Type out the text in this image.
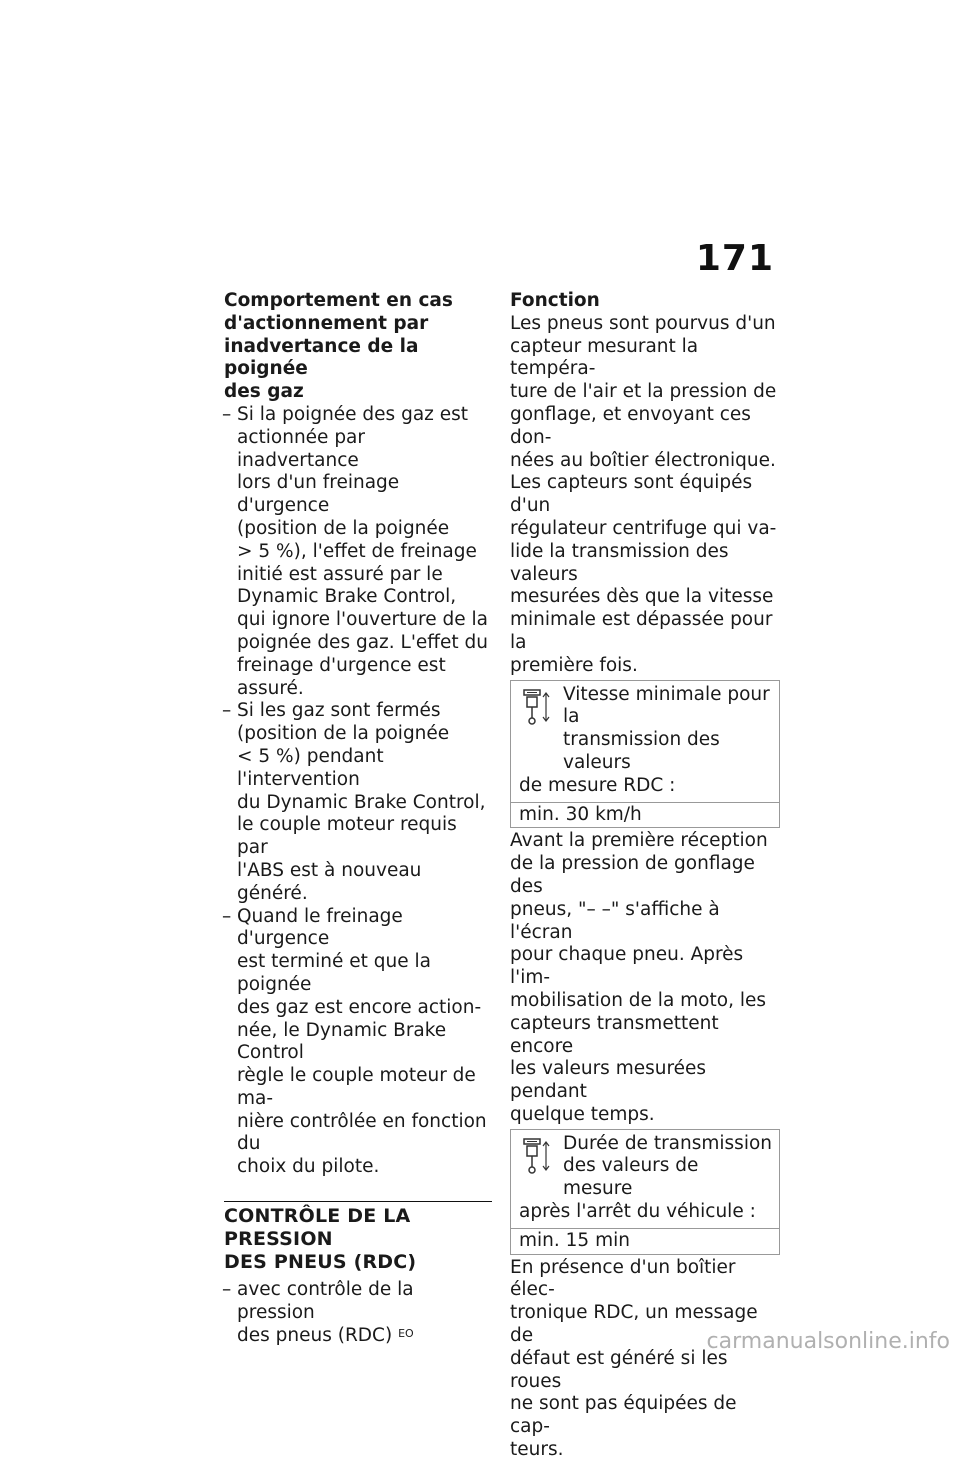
171
Comportement en cas
d'actionnement par
inadvertance de la poignée
des gaz
– Si la poignée des gaz est
actionnée par inadvertance
lors d'un freinage d'urgence
(position de la poignée
> 5 %), l'effet de freinage
initié est assuré par le
Dynamic Brake Control,
qui ignore l'ouverture de la
poignée des gaz. L'effet du
freinage d'urgence est assuré.
– Si les gaz sont fermés
(position de la poignée
< 5 %) pendant l'intervention
du Dynamic Brake Control,
le couple moteur requis par
l'ABS est à nouveau généré.
– Quand le freinage d'urgence
est terminé et que la poignée
des gaz est encore action-
née, le Dynamic Brake Control
règle le couple moteur de ma-
nière contrôlée en fonction du
choix du pilote.
CONTRÔLE DE LA PRESSION
DES PNEUS (RDC)
– avec contrôle de la pression
des pneus (RDC) $^{EO}$
Fonction
Les pneus sont pourvus d'un
capteur mesurant la tempéra-
ture de l'air et la pression de
gonflage, et envoyant ces don-
nées au boîtier électronique.
Les capteurs sont équipés d'un
régulateur centrifuge qui va-
lide la transmission des valeurs
mesurées dès que la vitesse
minimale est dépassée pour la
première fois.
Vitesse minimale pour la
transmission des valeurs
de mesure RDC :
min. 30 km/h
Avant la première réception
de la pression de gonflage des
pneus, "– –" s'affiche à l'écran
pour chaque pneu. Après l'im-
mobilisation de la moto, les
capteurs transmettent encore
les valeurs mesurées pendant
quelque temps.
Durée de transmission
des valeurs de mesure
après l'arrêt du véhicule :
min. 15 min
En présence d'un boîtier élec-
tronique RDC, un message de
défaut est généré si les roues
ne sont pas équipées de cap-
teurs.
carmanualsonline.info
